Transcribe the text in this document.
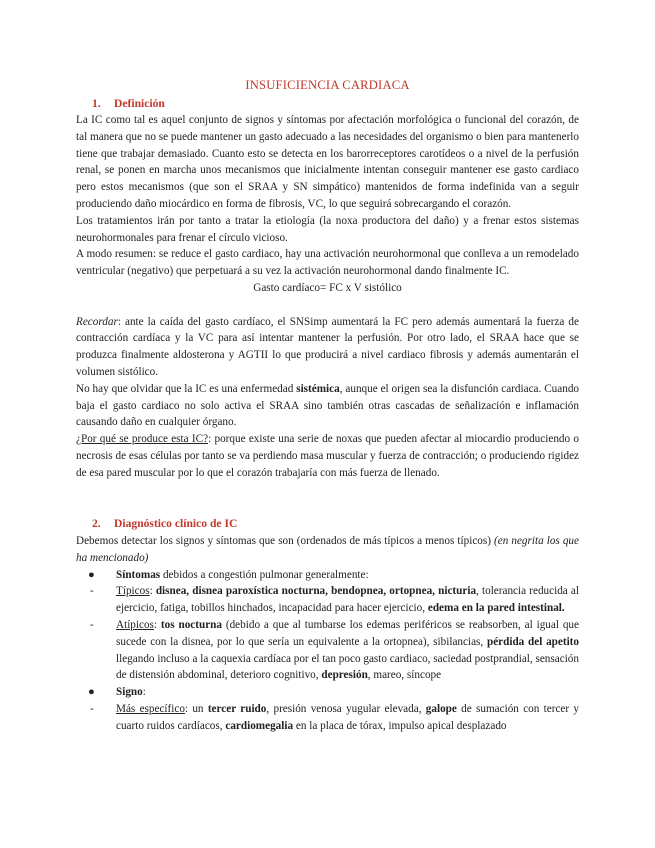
INSUFICIENCIA CARDIACA
1. Definición

La IC como tal es aquel conjunto de signos y síntomas por afectación morfológica o funcional del corazón, de tal manera que no se puede mantener un gasto adecuado a las necesidades del organismo o bien para mantenerlo tiene que trabajar demasiado. Cuanto esto se detecta en los barorreceptores carotídeos o a nivel de la perfusión renal, se ponen en marcha unos mecanismos que inicialmente intentan conseguir mantener ese gasto cardiaco pero estos mecanismos (que son el SRAA y SN simpático) mantenidos de forma indefinida van a seguir produciendo daño miocárdico en forma de fibrosis, VC, lo que seguirá sobrecargando el corazón.

Los tratamientos irán por tanto a tratar la etiología (la noxa productora del daño) y a frenar estos sistemas neurohormonales para frenar el círculo vicioso.

A modo resumen: se reduce el gasto cardiaco, hay una activación neurohormonal que conlleva a un remodelado ventricular (negativo) que perpetuará a su vez la activación neurohormonal dando finalmente IC.

Gasto cardíaco= FC x V sistólico

Recordar: ante la caída del gasto cardíaco, el SNSimp aumentará la FC pero además aumentará la fuerza de contracción cardíaca y la VC para así intentar mantener la perfusión. Por otro lado, el SRAA hace que se produzca finalmente aldosterona y AGTII lo que producirá a nivel cardiaco fibrosis y además aumentarán el volumen sistólico.

No hay que olvidar que la IC es una enfermedad sistémica, aunque el origen sea la disfunción cardiaca. Cuando baja el gasto cardiaco no solo activa el SRAA sino también otras cascadas de señalización e inflamación causando daño en cualquier órgano.

¿Por qué se produce esta IC?: porque existe una serie de noxas que pueden afectar al miocardio produciendo o necrosis de esas células por tanto se va perdiendo masa muscular y fuerza de contracción; o produciendo rigidez de esa pared muscular por lo que el corazón trabajaría con más fuerza de llenado.

2. Diagnóstico clínico de IC

Debemos detectar los signos y síntomas que son (ordenados de más típicos a menos típicos) (en negrita los que ha mencionado)

● Síntomas debidos a congestión pulmonar generalmente:
- Típicos: disnea, disnea paroxística nocturna, bendopnea, ortopnea, nicturia, tolerancia reducida al ejercicio, fatiga, tobillos hinchados, incapacidad para hacer ejercicio, edema en la pared intestinal.
- Atípicos: tos nocturna (debido a que al tumbarse los edemas periféricos se reabsorben, al igual que sucede con la disnea, por lo que sería un equivalente a la ortopnea), sibilancias, pérdida del apetito llegando incluso a la caquexia cardíaca por el tan poco gasto cardiaco, saciedad postprandial, sensación de distensión abdominal, deterioro cognitivo, depresión, mareo, síncope
● Signo:
- Más específico: un tercer ruido, presión venosa yugular elevada, galope de sumación con tercer y cuarto ruidos cardíacos, cardiomegalia en la placa de tórax, impulso apical desplazado
